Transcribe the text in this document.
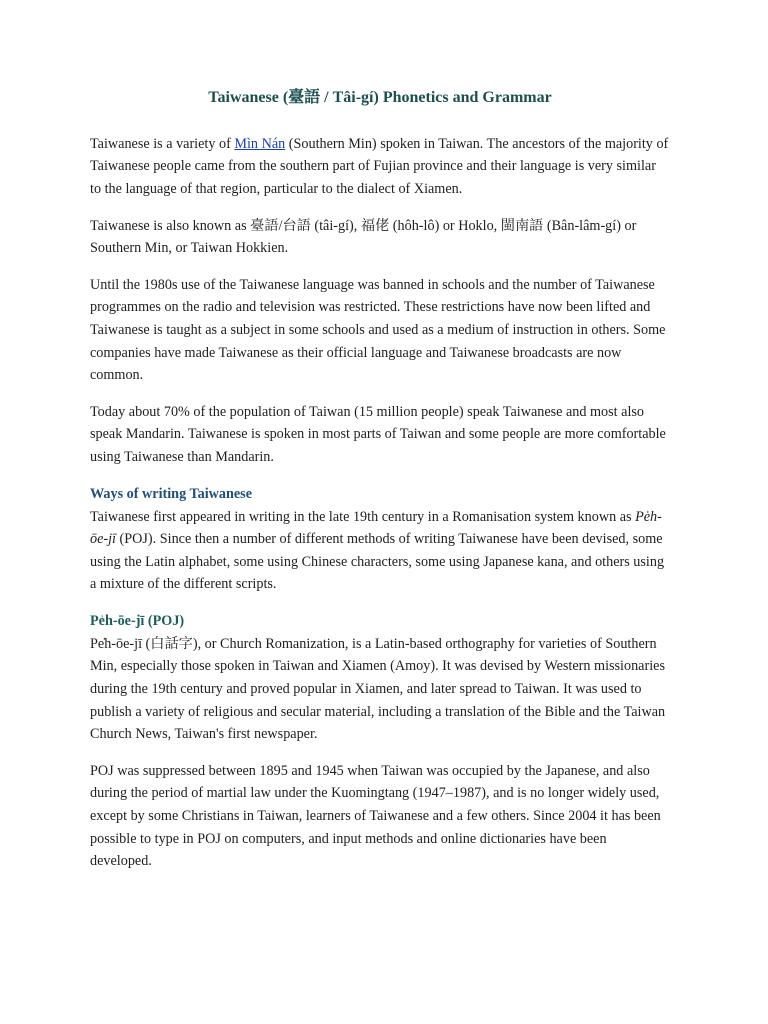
Taiwanese (臺語 / Tâi-gí) Phonetics and Grammar

Taiwanese is a variety of Mìn Nán (Southern Min) spoken in Taiwan. The ancestors of the majority of Taiwanese people came from the southern part of Fujian province and their language is very similar to the language of that region, particular to the dialect of Xiamen.

Taiwanese is also known as 臺語/台語 (tâi-gí), 福佬 (hôh-lô) or Hoklo, 閩南語 (Bân-lâm-gí) or Southern Min, or Taiwan Hokkien.

Until the 1980s use of the Taiwanese language was banned in schools and the number of Taiwanese programmes on the radio and television was restricted. These restrictions have now been lifted and Taiwanese is taught as a subject in some schools and used as a medium of instruction in others. Some companies have made Taiwanese as their official language and Taiwanese broadcasts are now common.

Today about 70% of the population of Taiwan (15 million people) speak Taiwanese and most also speak Mandarin. Taiwanese is spoken in most parts of Taiwan and some people are more comfortable using Taiwanese than Mandarin.

Ways of writing Taiwanese

Taiwanese first appeared in writing in the late 19th century in a Romanisation system known as Pe̍h-ōe-jī (POJ). Since then a number of different methods of writing Taiwanese have been devised, some using the Latin alphabet, some using Chinese characters, some using Japanese kana, and others using a mixture of the different scripts.

Pe̍h-ōe-jī (POJ)

Pe̍h-ōe-jī (白話字), or Church Romanization, is a Latin-based orthography for varieties of Southern Min, especially those spoken in Taiwan and Xiamen (Amoy). It was devised by Western missionaries during the 19th century and proved popular in Xiamen, and later spread to Taiwan. It was used to publish a variety of religious and secular material, including a translation of the Bible and the Taiwan Church News, Taiwan's first newspaper.

POJ was suppressed between 1895 and 1945 when Taiwan was occupied by the Japanese, and also during the period of martial law under the Kuomingtang (1947–1987), and is no longer widely used, except by some Christians in Taiwan, learners of Taiwanese and a few others. Since 2004 it has been possible to type in POJ on computers, and input methods and online dictionaries have been developed.
